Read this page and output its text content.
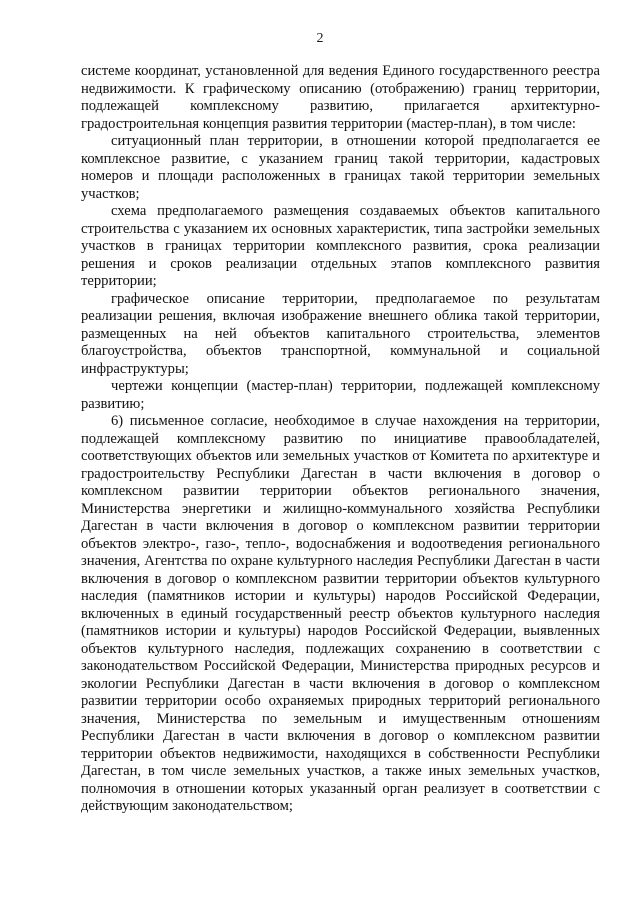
2

системе координат, установленной для ведения Единого государственного реестра недвижимости. К графическому описанию (отображению) границ территории, подлежащей комплексному развитию, прилагается архитектурно-градостроительная концепция развития территории (мастер-план), в том числе:

ситуационный план территории, в отношении которой предполагается ее комплексное развитие, с указанием границ такой территории, кадастровых номеров и площади расположенных в границах такой территории земельных участков;

схема предполагаемого размещения создаваемых объектов капитального строительства с указанием их основных характеристик, типа застройки земельных участков в границах территории комплексного развития, срока реализации решения и сроков реализации отдельных этапов комплексного развития территории;

графическое описание территории, предполагаемое по результатам реализации решения, включая изображение внешнего облика такой территории, размещенных на ней объектов капитального строительства, элементов благоустройства, объектов транспортной, коммунальной и социальной инфраструктуры;

чертежи концепции (мастер-план) территории, подлежащей комплексному развитию;

6) письменное согласие, необходимое в случае нахождения на территории, подлежащей комплексному развитию по инициативе правообладателей, соответствующих объектов или земельных участков от Комитета по архитектуре и градостроительству Республики Дагестан в части включения в договор о комплексном развитии территории объектов регионального значения, Министерства энергетики и жилищно-коммунального хозяйства Республики Дагестан в части включения в договор о комплексном развитии территории объектов электро-, газо-, тепло-, водоснабжения и водоотведения регионального значения, Агентства по охране культурного наследия Республики Дагестан в части включения в договор о комплексном развитии территории объектов культурного наследия (памятников истории и культуры) народов Российской Федерации, включенных в единый государственный реестр объектов культурного наследия (памятников истории и культуры) народов Российской Федерации, выявленных объектов культурного наследия, подлежащих сохранению в соответствии с законодательством Российской Федерации, Министерства природных ресурсов и экологии Республики Дагестан в части включения в договор о комплексном развитии территории особо охраняемых природных территорий регионального значения, Министерства по земельным и имущественным отношениям Республики Дагестан в части включения в договор о комплексном развитии территории объектов недвижимости, находящихся в собственности Республики Дагестан, в том числе земельных участков, а также иных земельных участков, полномочия в отношении которых указанный орган реализует в соответствии с действующим законодательством;
